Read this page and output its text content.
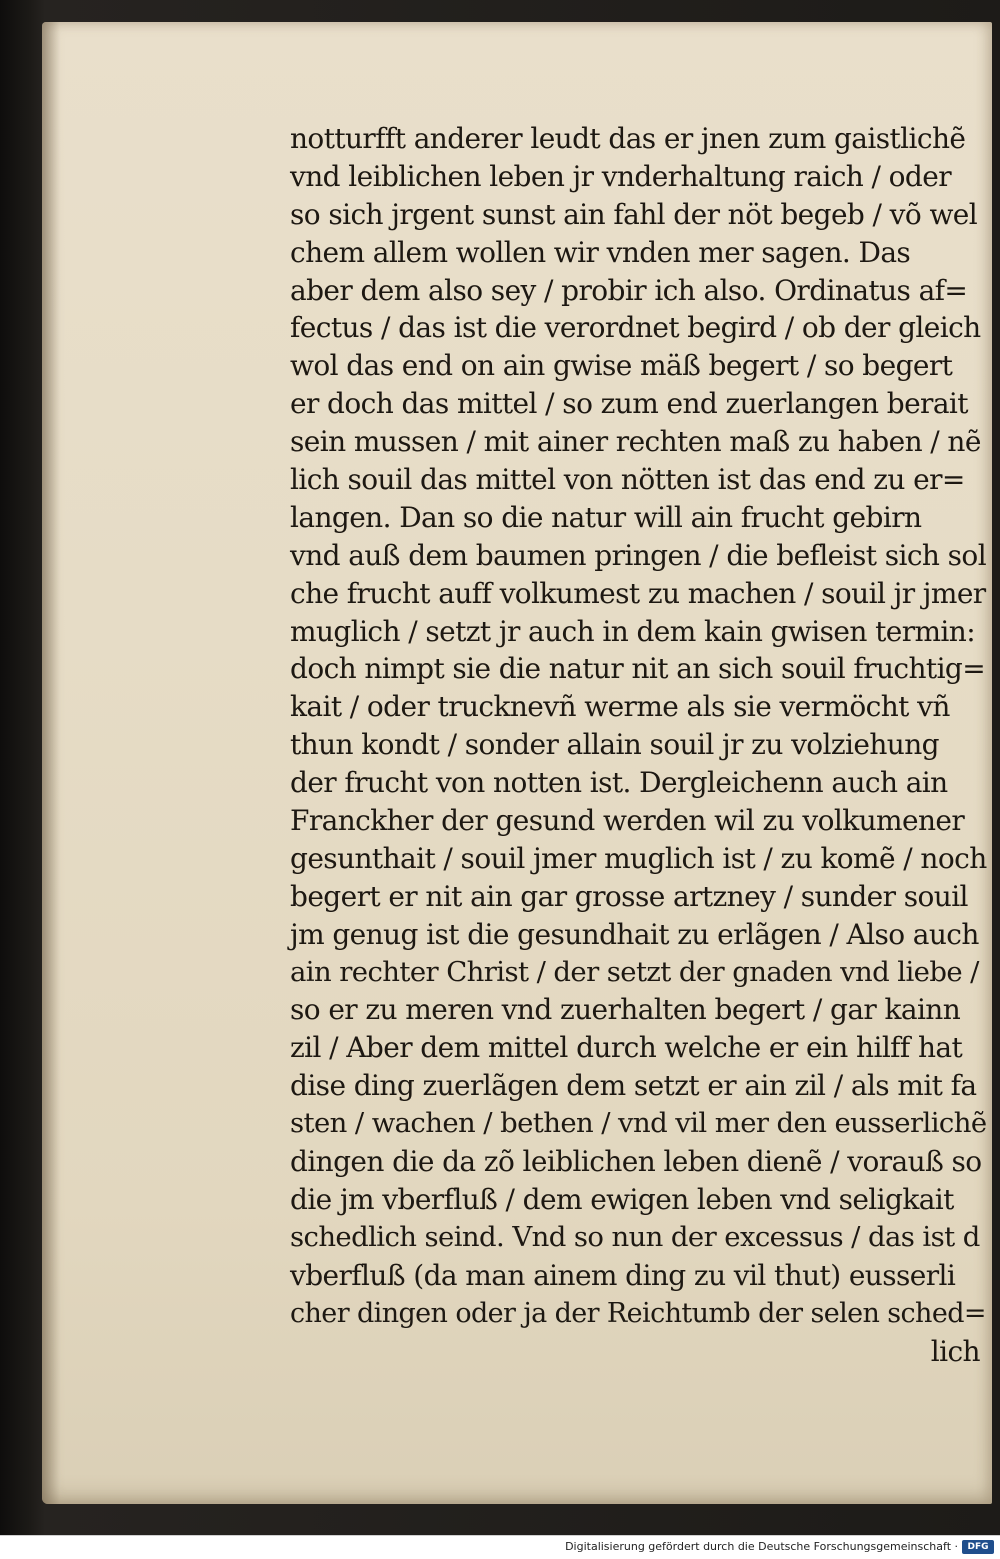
notturfft anderer leudt das er jnen zum gaistlichẽ
vnd leiblichen leben jr vnderhaltung raich / oder
so sich jrgent sunst ain fahl der nöt begeb / võ wel
chem allem wollen wir vnden mer sagen. Das
aber dem also sey / probir ich also. Ordinatus af=
fectus / das ist die verordnet begird / ob der gleich
wol das end on ain gwise mäß begert / so begert
er doch das mittel / so zum end zuerlangen berait
sein mussen / mit ainer rechten maß zu haben / nẽ
lich souil das mittel von nötten ist das end zu er=
langen. Dan so die natur will ain frucht gebirn
vnd auß dem baumen pringen / die befleist sich sol
che frucht auff volkumest zu machen / souil jr jmer
muglich / setzt jr auch in dem kain gwisen termin:
doch nimpt sie die natur nit an sich souil fruchtig=
kait / oder trucknevñ werme als sie vermöcht vñ
thun kondt / sonder allain souil jr zu volziehung
der frucht von notten ist. Dergleichenn auch ain
Franckher der gesund werden wil zu volkumener
gesunthait / souil jmer muglich ist / zu komẽ / noch
begert er nit ain gar grosse artzney / sunder souil
jm genug ist die gesundhait zu erlãgen / Also auch
ain rechter Christ / der setzt der gnaden vnd liebe /
so er zu meren vnd zuerhalten begert / gar kainn
zil / Aber dem mittel durch welche er ein hilff hat
dise ding zuerlãgen dem setzt er ain zil / als mit fa
sten / wachen / bethen / vnd vil mer den eusserlichẽ
dingen die da zõ leiblichen leben dienẽ / vorauß so
die jm vberfluß / dem ewigen leben vnd seligkait
schedlich seind. Vnd so nun der excessus / das ist d
vberfluß (da man ainem ding zu vil thut) eusserli
cher dingen oder ja der Reichtumb der selen sched=
lich
Digitalisierung gefördert durch die Deutsche Forschungsgemeinschaft ·	DFG
